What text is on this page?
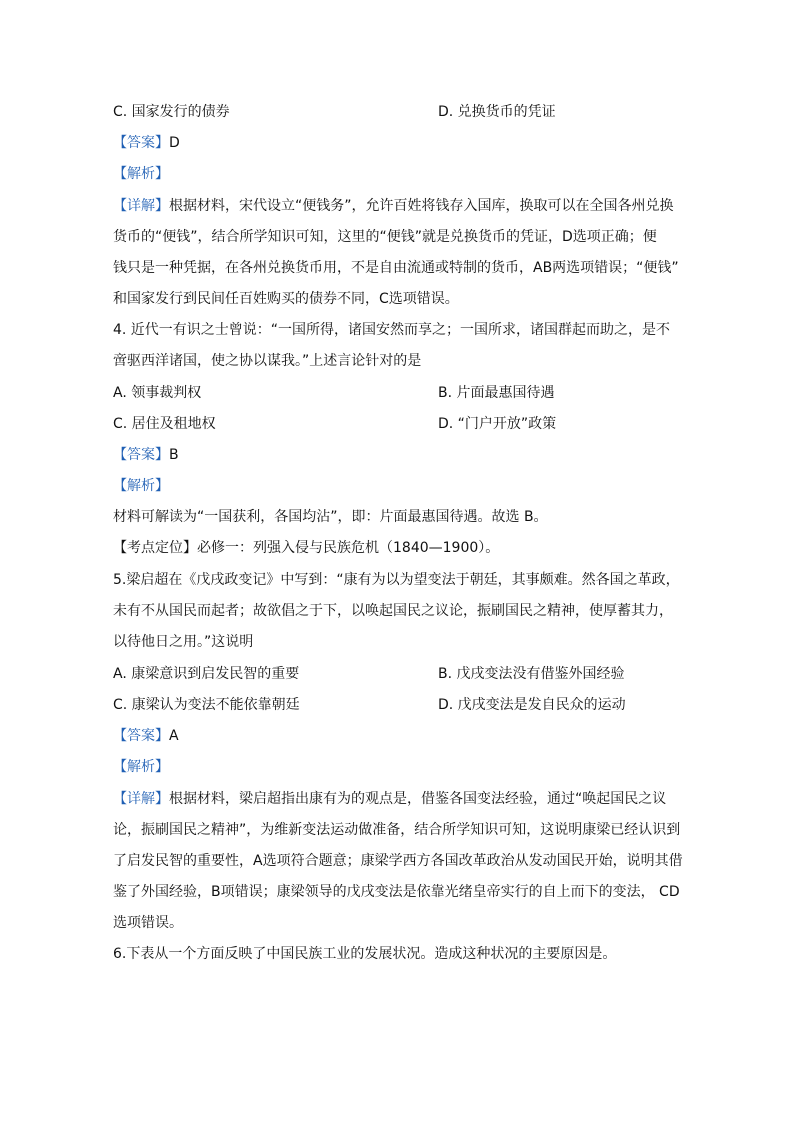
C. 国家发行的债券	D. 兑换货币的凭证
【答案】D
【解析】
【详解】根据材料，宋代设立“便钱务”，允许百姓将钱存入国库，换取可以在全国各州兑换
货币的“便钱”，结合所学知识可知，这里的“便钱”就是兑换货币的凭证，D选项正确；便
钱只是一种凭据，在各州兑换货币用，不是自由流通或特制的货币，AB两选项错误；“便钱”
和国家发行到民间任百姓购买的债券不同，C选项错误。
4. 近代一有识之士曾说：“一国所得，诸国安然而享之；一国所求，诸国群起而助之，是不
啻驱西洋诸国，使之协以谋我。”上述言论针对的是
A. 领事裁判权	B. 片面最惠国待遇
C. 居住及租地权	D. “门户开放”政策
【答案】B
【解析】
材料可解读为“一国获利，各国均沾”，即：片面最惠国待遇。故选 B。
【考点定位】必修一：列强入侵与民族危机（1840—1900）。
5.梁启超在《戊戌政变记》中写到：“康有为以为望变法于朝廷，其事颇难。然各国之革政，
未有不从国民而起者；故欲倡之于下，以唤起国民之议论，振刷国民之精神，使厚蓄其力，
以待他日之用。”这说明
A. 康梁意识到启发民智的重要	B. 戊戌变法没有借鉴外国经验
C. 康梁认为变法不能依靠朝廷	D. 戊戌变法是发自民众的运动
【答案】A
【解析】
【详解】根据材料，梁启超指出康有为的观点是，借鉴各国变法经验，通过“唤起国民之议
论，振刷国民之精神”，为维新变法运动做准备，结合所学知识可知，这说明康梁已经认识到
了启发民智的重要性，A选项符合题意；康梁学西方各国改革政治从发动国民开始，说明其借
鉴了外国经验，B项错误；康梁领导的戊戌变法是依靠光绪皇帝实行的自上而下的变法， CD
选项错误。
6.下表从一个方面反映了中国民族工业的发展状况。造成这种状况的主要原因是。
